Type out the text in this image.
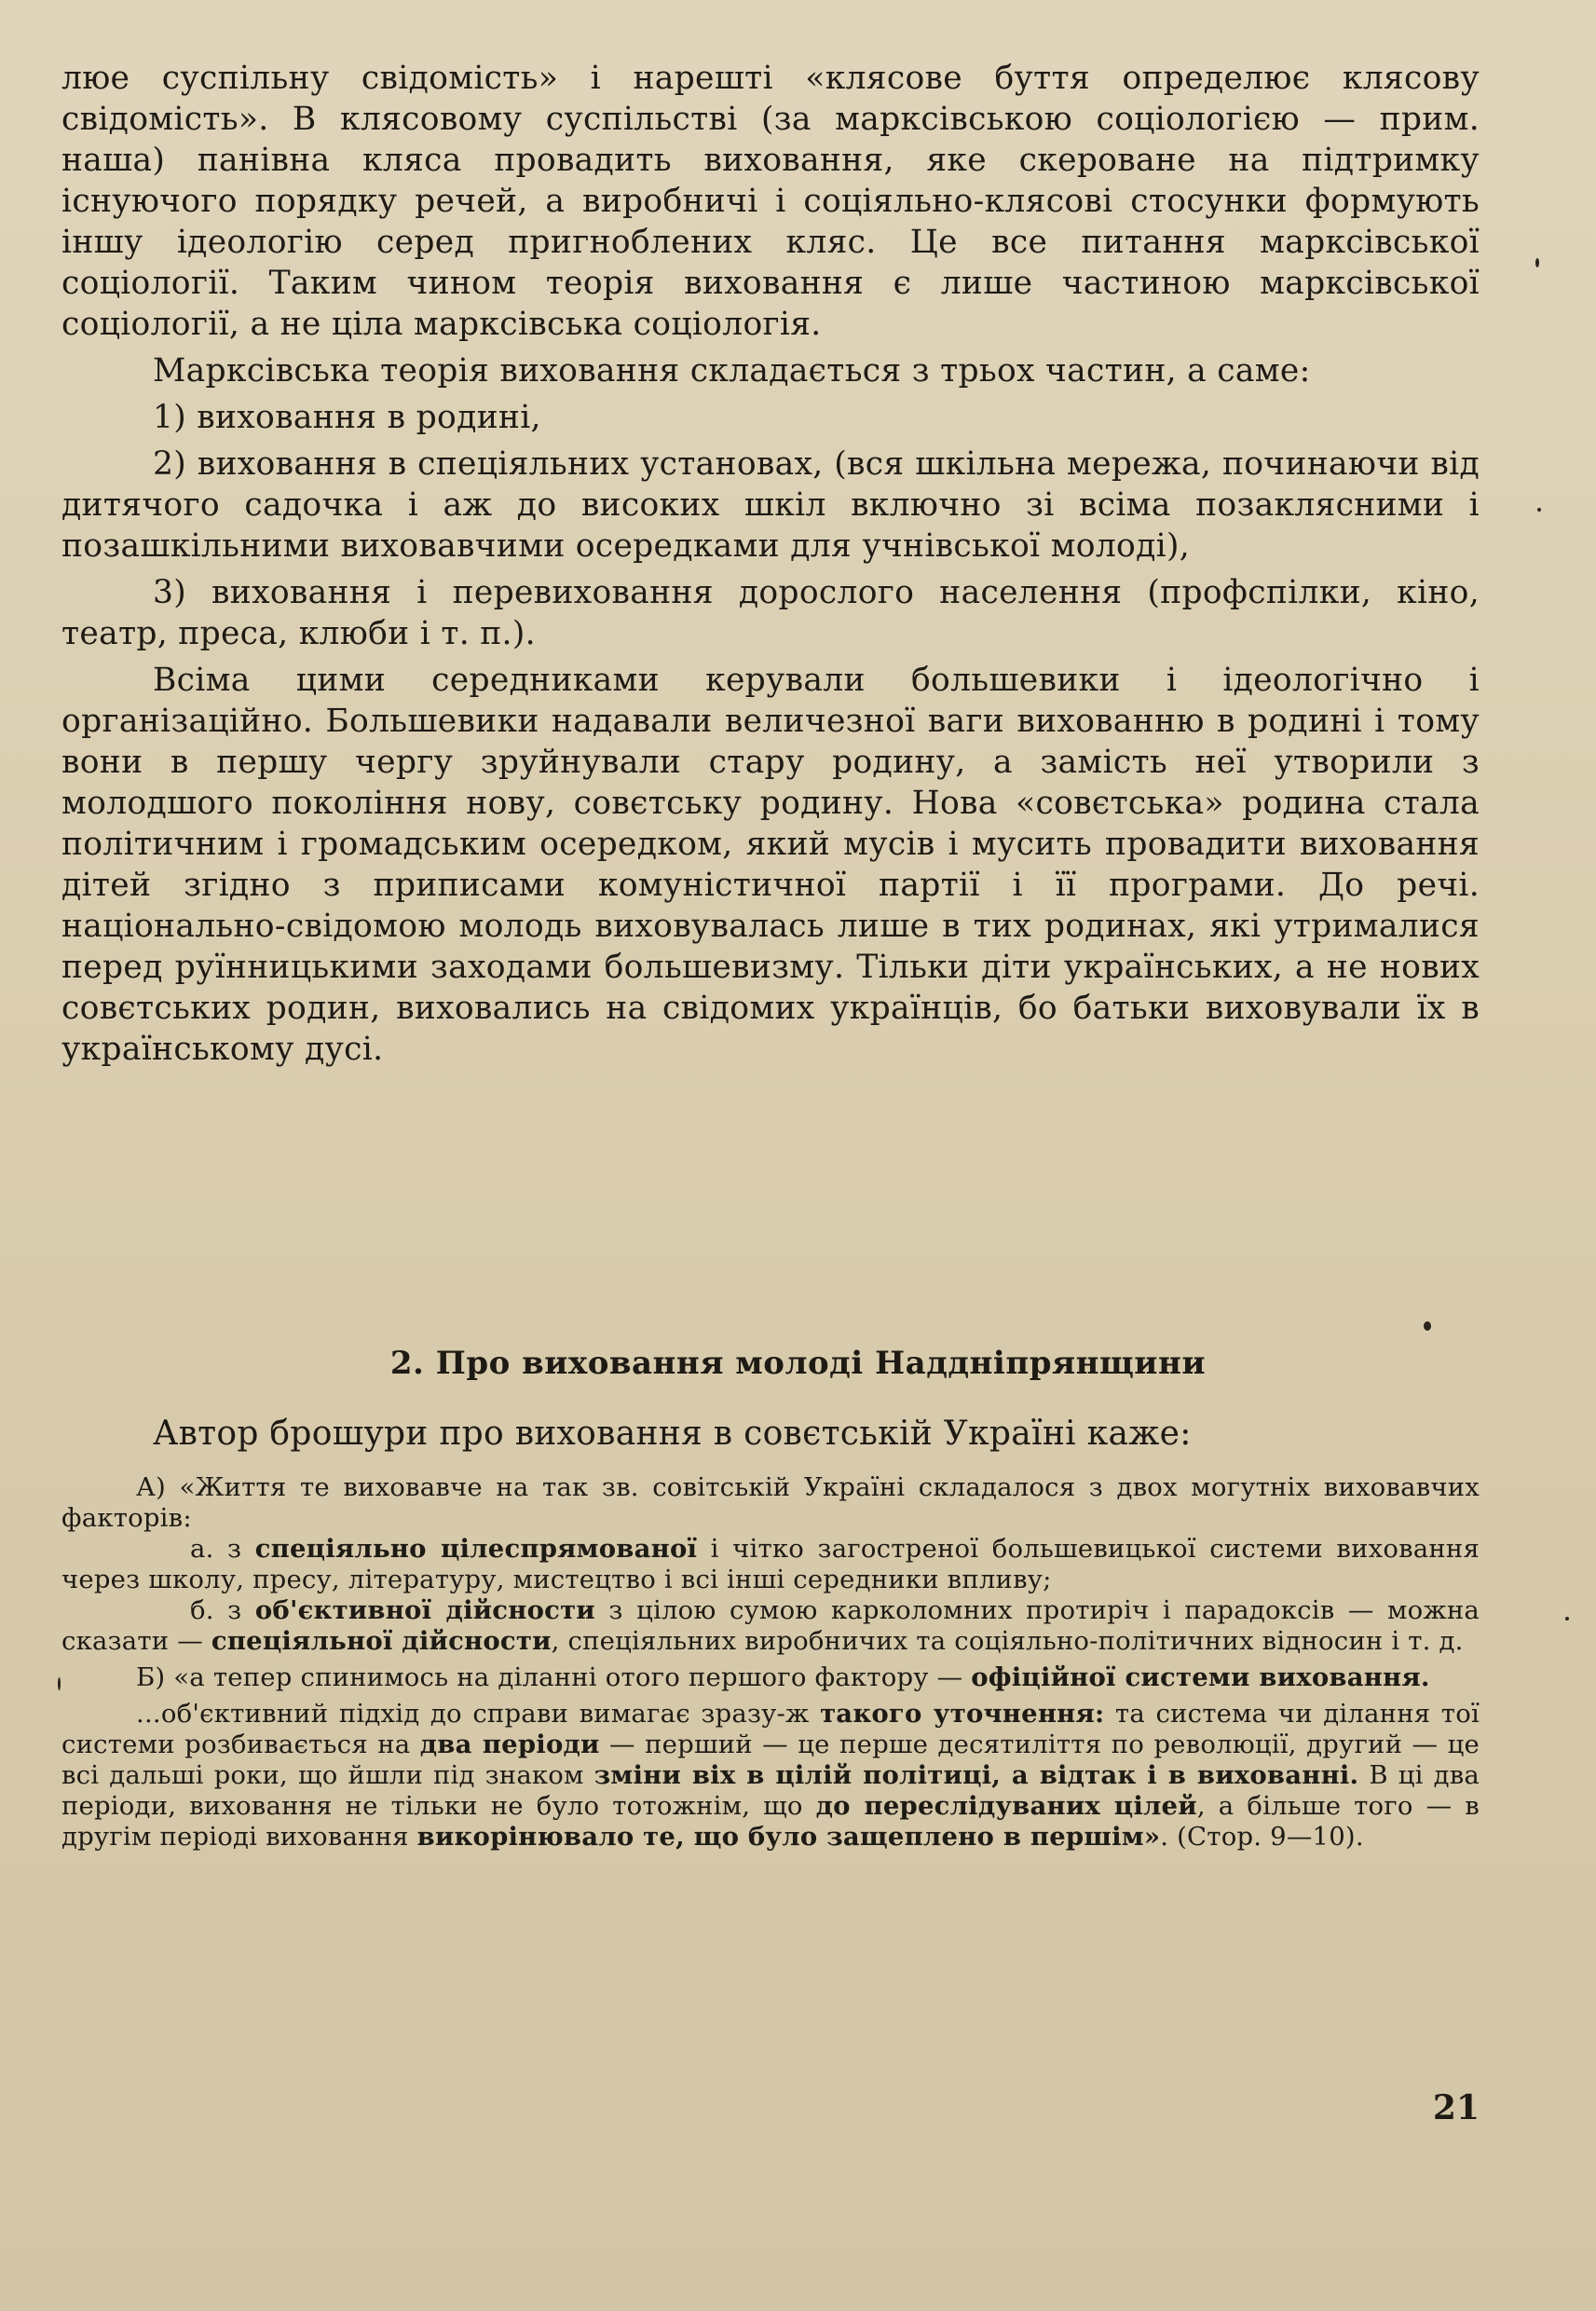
люе суспільну свідомість» і нарешті «клясове буття определює клясову свідомість». В клясовому суспільстві (за марксівською соціологією — прим. наша) панівна кляса провадить виховання, яке скероване на підтримку існуючого порядку речей, а виробничі і соціяльно-клясові стосунки формують іншу ідеологію серед пригноблених кляс. Це все питання марксівської соціології. Таким чином теорія виховання є лише частиною марксівської соціології, а не ціла марксівська соціологія.

Марксівська теорія виховання складається з трьох частин, а саме:

1) виховання в родині,

2) виховання в спеціяльних установах, (вся шкільна мережа, починаючи від дитячого садочка і аж до високих шкіл включно зі всіма позаклясними і позашкільними виховавчими осередками для учнівської молоді),

3) виховання і перевиховання дорослого населення (профспілки, кіно, театр, преса, клюби і т. п.).

Всіма цими середниками керували большевики і ідеологічно і організаційно. Большевики надавали величезної ваги вихованню в родині і тому вони в першу чергу зруйнували стару родину, а замість неї утворили з молодшого покоління нову, совєтську родину. Нова «совєтська» родина стала політичним і громадським осередком, який мусів і мусить провадити виховання дітей згідно з приписами комуністичної партії і її програми. До речі. національно-свідомою молодь виховувалась лише в тих родинах, які утрималися перед руїнницькими заходами большевизму. Тільки діти українських, а не нових совєтських родин, виховались на свідомих українців, бо батьки виховували їх в українському дусі.

2. Про виховання молоді Наддніпрянщини
Автор брошури про виховання в совєтській Україні каже:

А) «Життя те виховавче на так зв. совітській Україні складалося з двох могутніх виховавчих факторів:

а. з спеціяльно цілеспрямованої і чітко загостреної большевицької системи виховання через школу, пресу, літературу, мистецтво і всі інші середники впливу;

б. з об'єктивної дійсности з цілою сумою карколомних протиріч і парадоксів — можна сказати — спеціяльної дійсности, спеціяльних виробничих та соціяльно-політичних відносин і т. д.

Б) «а тепер спинимось на діланні отого першого фактору — офіційної системи виховання.

...об'єктивний підхід до справи вимагає зразу-ж такого уточнення: та система чи ділання тої системи розбивається на два періоди — перший — це перше десятиліття по революції, другий — це всі дальші роки, що йшли під знаком зміни віх в цілій політиці, а відтак і в вихованні. В ці два періоди, виховання не тільки не було тотожнім, що до переслідуваних цілей, а більше того — в другім періоді виховання викорінювало те, що було защеплено в першім». (Стор. 9—10).

21
